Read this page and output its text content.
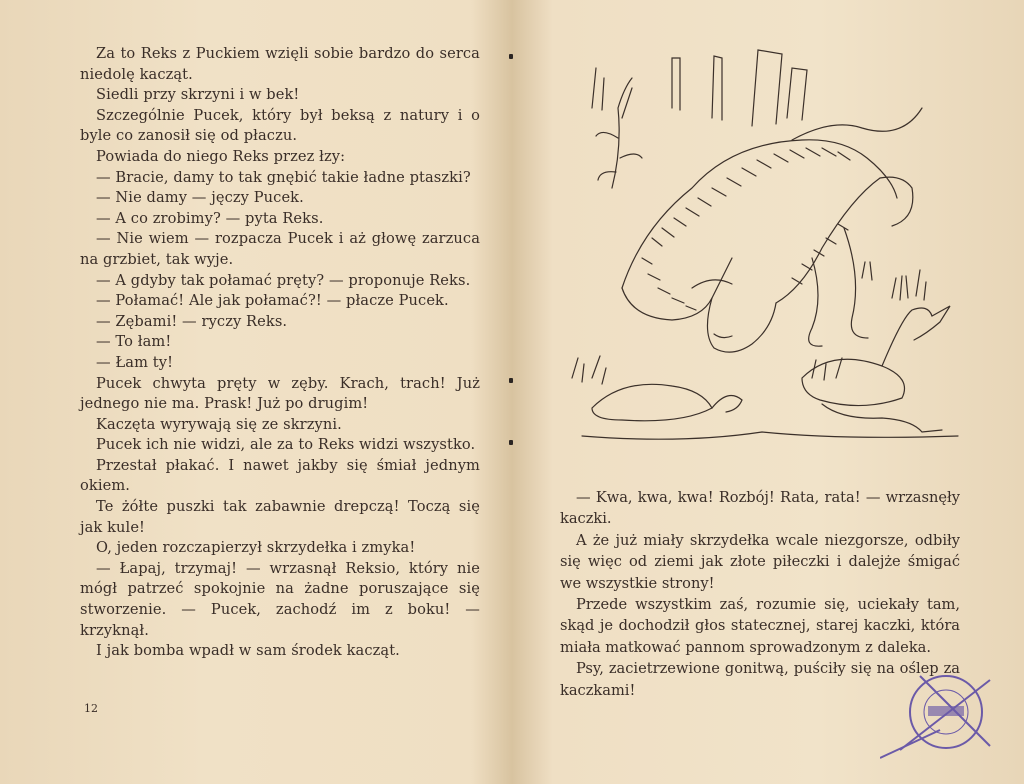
Za to Reks z Puckiem wzięli sobie bardzo do serca niedolę kacząt.

Siedli przy skrzyni i w bek!

Szczególnie Pucek, który był beksą z natury i o byle co zanosił się od płaczu.

Powiada do niego Reks przez łzy:

— Bracie, damy to tak gnębić takie ładne ptaszki?

— Nie damy — jęczy Pucek.

— A co zrobimy? — pyta Reks.

— Nie wiem — rozpacza Pucek i aż głowę zarzuca na grzbiet, tak wyje.

— A gdyby tak połamać pręty? — proponuje Reks.

— Połamać! Ale jak połamać?! — płacze Pucek.

— Zębami! — ryczy Reks.

— To łam!

— Łam ty!

Pucek chwyta pręty w zęby. Krach, trach! Już jednego nie ma. Prask! Już po drugim!

Kaczęta wyrywają się ze skrzyni.

Pucek ich nie widzi, ale za to Reks widzi wszystko.

Przestał płakać. I nawet jakby się śmiał jednym okiem.

Te żółte puszki tak zabawnie drepczą! Toczą się jak kule!

O, jeden rozczapierzył skrzydełka i zmyka!

— Łapaj, trzymaj! — wrzasnął Reksio, który nie mógł patrzeć spokojnie na żadne poruszające się stworzenie. — Pucek, zachodź im z boku! — krzyknął.

I jak bomba wpadł w sam środek kacząt.

12

— Kwa, kwa, kwa! Rozbój! Rata, rata! — wrzasnęły kaczki.

A że już miały skrzydełka wcale niezgorsze, odbiły się więc od ziemi jak złote piłeczki i dalejże śmigać we wszystkie strony!

Przede wszystkim zaś, rozumie się, uciekały tam, skąd je dochodził głos statecznej, starej kaczki, która miała matkować pannom sprowadzonym z daleka.

Psy, zacietrzewione gonitwą, puściły się na oślep za kaczkami!
